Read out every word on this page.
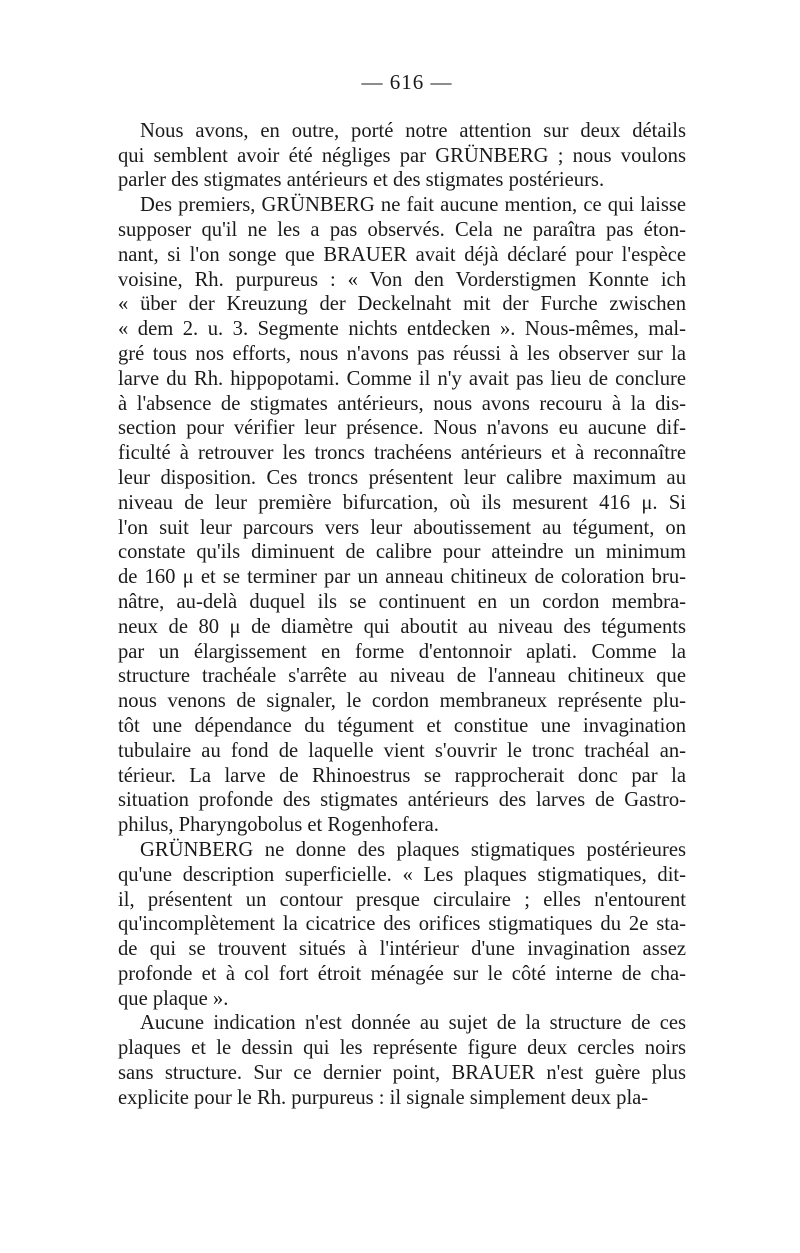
— 616 —

Nous avons, en outre, porté notre attention sur deux détails
qui semblent avoir été négliges par GRÜNBERG ; nous voulons
parler des stigmates antérieurs et des stigmates postérieurs.

Des premiers, GRÜNBERG ne fait aucune mention, ce qui laisse
supposer qu'il ne les a pas observés. Cela ne paraîtra pas éton-
nant, si l'on songe que BRAUER avait déjà déclaré pour l'espèce
voisine, Rh. purpureus : « Von den Vorderstigmen Konnte ich
« über der Kreuzung der Deckelnaht mit der Furche zwischen
« dem 2. u. 3. Segmente nichts entdecken ». Nous-mêmes, mal-
gré tous nos efforts, nous n'avons pas réussi à les observer sur la
larve du Rh. hippopotami. Comme il n'y avait pas lieu de conclure
à l'absence de stigmates antérieurs, nous avons recouru à la dis-
section pour vérifier leur présence. Nous n'avons eu aucune dif-
ficulté à retrouver les troncs trachéens antérieurs et à reconnaître
leur disposition. Ces troncs présentent leur calibre maximum au
niveau de leur première bifurcation, où ils mesurent 416 μ. Si
l'on suit leur parcours vers leur aboutissement au tégument, on
constate qu'ils diminuent de calibre pour atteindre un minimum
de 160 μ et se terminer par un anneau chitineux de coloration bru-
nâtre, au-delà duquel ils se continuent en un cordon membra-
neux de 80 μ de diamètre qui aboutit au niveau des téguments
par un élargissement en forme d'entonnoir aplati. Comme la
structure trachéale s'arrête au niveau de l'anneau chitineux que
nous venons de signaler, le cordon membraneux représente plu-
tôt une dépendance du tégument et constitue une invagination
tubulaire au fond de laquelle vient s'ouvrir le tronc trachéal an-
térieur. La larve de Rhinoestrus se rapprocherait donc par la
situation profonde des stigmates antérieurs des larves de Gastro-
philus, Pharyngobolus et Rogenhofera.

GRÜNBERG ne donne des plaques stigmatiques postérieures
qu'une description superficielle. « Les plaques stigmatiques, dit-
il, présentent un contour presque circulaire ; elles n'entourent
qu'incomplètement la cicatrice des orifices stigmatiques du 2e sta-
de qui se trouvent situés à l'intérieur d'une invagination assez
profonde et à col fort étroit ménagée sur le côté interne de cha-
que plaque ».

Aucune indication n'est donnée au sujet de la structure de ces
plaques et le dessin qui les représente figure deux cercles noirs
sans structure. Sur ce dernier point, BRAUER n'est guère plus
explicite pour le Rh. purpureus : il signale simplement deux pla-
